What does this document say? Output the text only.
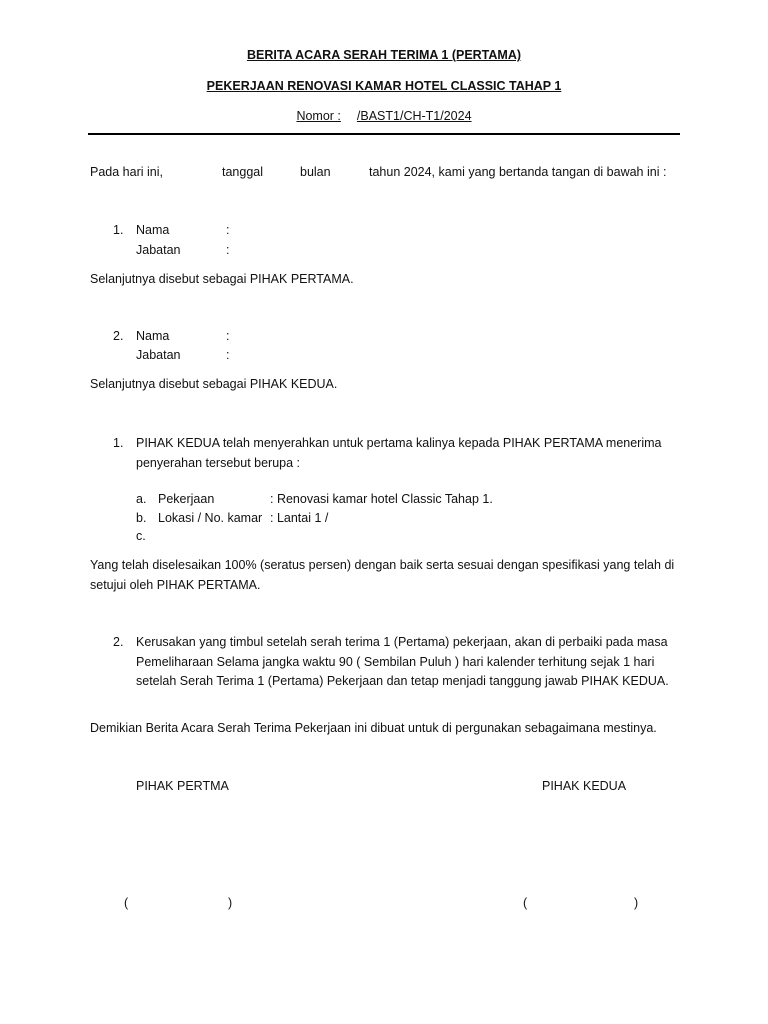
BERITA ACARA SERAH TERIMA 1 (PERTAMA)
PEKERJAAN RENOVASI KAMAR HOTEL CLASSIC TAHAP 1
Nomor : /BAST1/CH-T1/2024
Pada hari ini,	tanggal	bulan	tahun 2024, kami yang bertanda tangan di bawah ini :
1. Nama	:
Jabatan	:
Selanjutnya disebut sebagai PIHAK PERTAMA.
2. Nama	:
Jabatan	:
Selanjutnya disebut sebagai PIHAK KEDUA.
1. PIHAK KEDUA telah menyerahkan untuk pertama kalinya kepada PIHAK PERTAMA menerima
penyerahan tersebut berupa :
a. Pekerjaan	: Renovasi kamar hotel Classic Tahap 1.
b. Lokasi / No. kamar : Lantai 1 /
c.
Yang telah diselesaikan 100% (seratus persen) dengan baik serta sesuai dengan spesifikasi yang telah di
setujui oleh PIHAK PERTAMA.
2. Kerusakan yang timbul setelah serah terima 1 (Pertama) pekerjaan, akan di perbaiki pada masa
Pemeliharaan Selama jangka waktu 90 ( Sembilan Puluh ) hari kalender terhitung sejak 1 hari
setelah Serah Terima 1 (Pertama) Pekerjaan dan tetap menjadi tanggung jawab PIHAK KEDUA.
Demikian Berita Acara Serah Terima Pekerjaan ini dibuat untuk di pergunakan sebagaimana mestinya.
PIHAK PERTMA	PIHAK KEDUA
(	)	(	)
